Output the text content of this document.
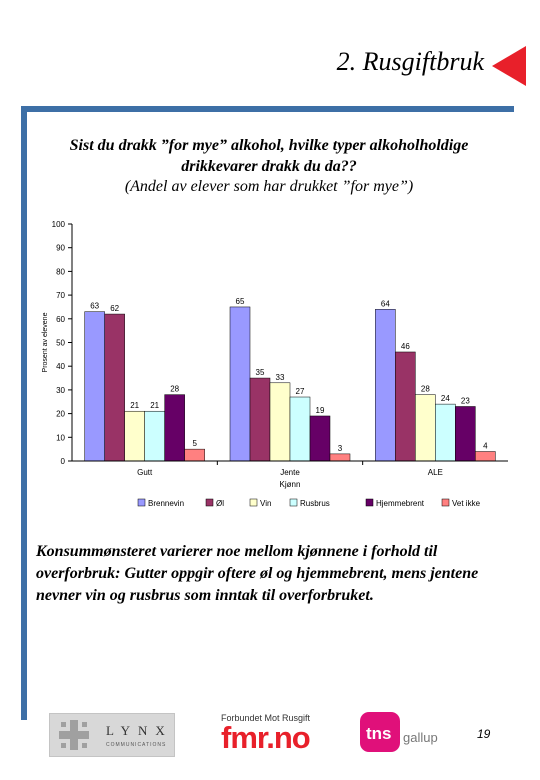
2. Rusgiftbruk
Sist du drakk ”for mye” alkohol, hvilke typer alkoholholdige drikkevarer drakk du da??
(Andel av elever som har drukket ”for mye”)
63 62
21 21
28
5
65
35
33
27
19
3
64
46
28
24 23
4
0
10
20
30
40
50
60
70
80
90
100
Prosent av elevene
Gutt	Jente	ALE
Kjønn
Brennevin	Øl	Vin	Rusbrus	Hjemmebrent	Vet ikke
Konsummønsteret varierer noe mellom kjønnene i forhold til overforbruk: Gutter oppgir oftere øl og hjemmebrent, mens jentene nevner vin og rusbrus som inntak til overforbruket.
LYNX
COMMUNICATIONS
Forbundet Mot Rusgift
fmr.no	tns gallup	19
